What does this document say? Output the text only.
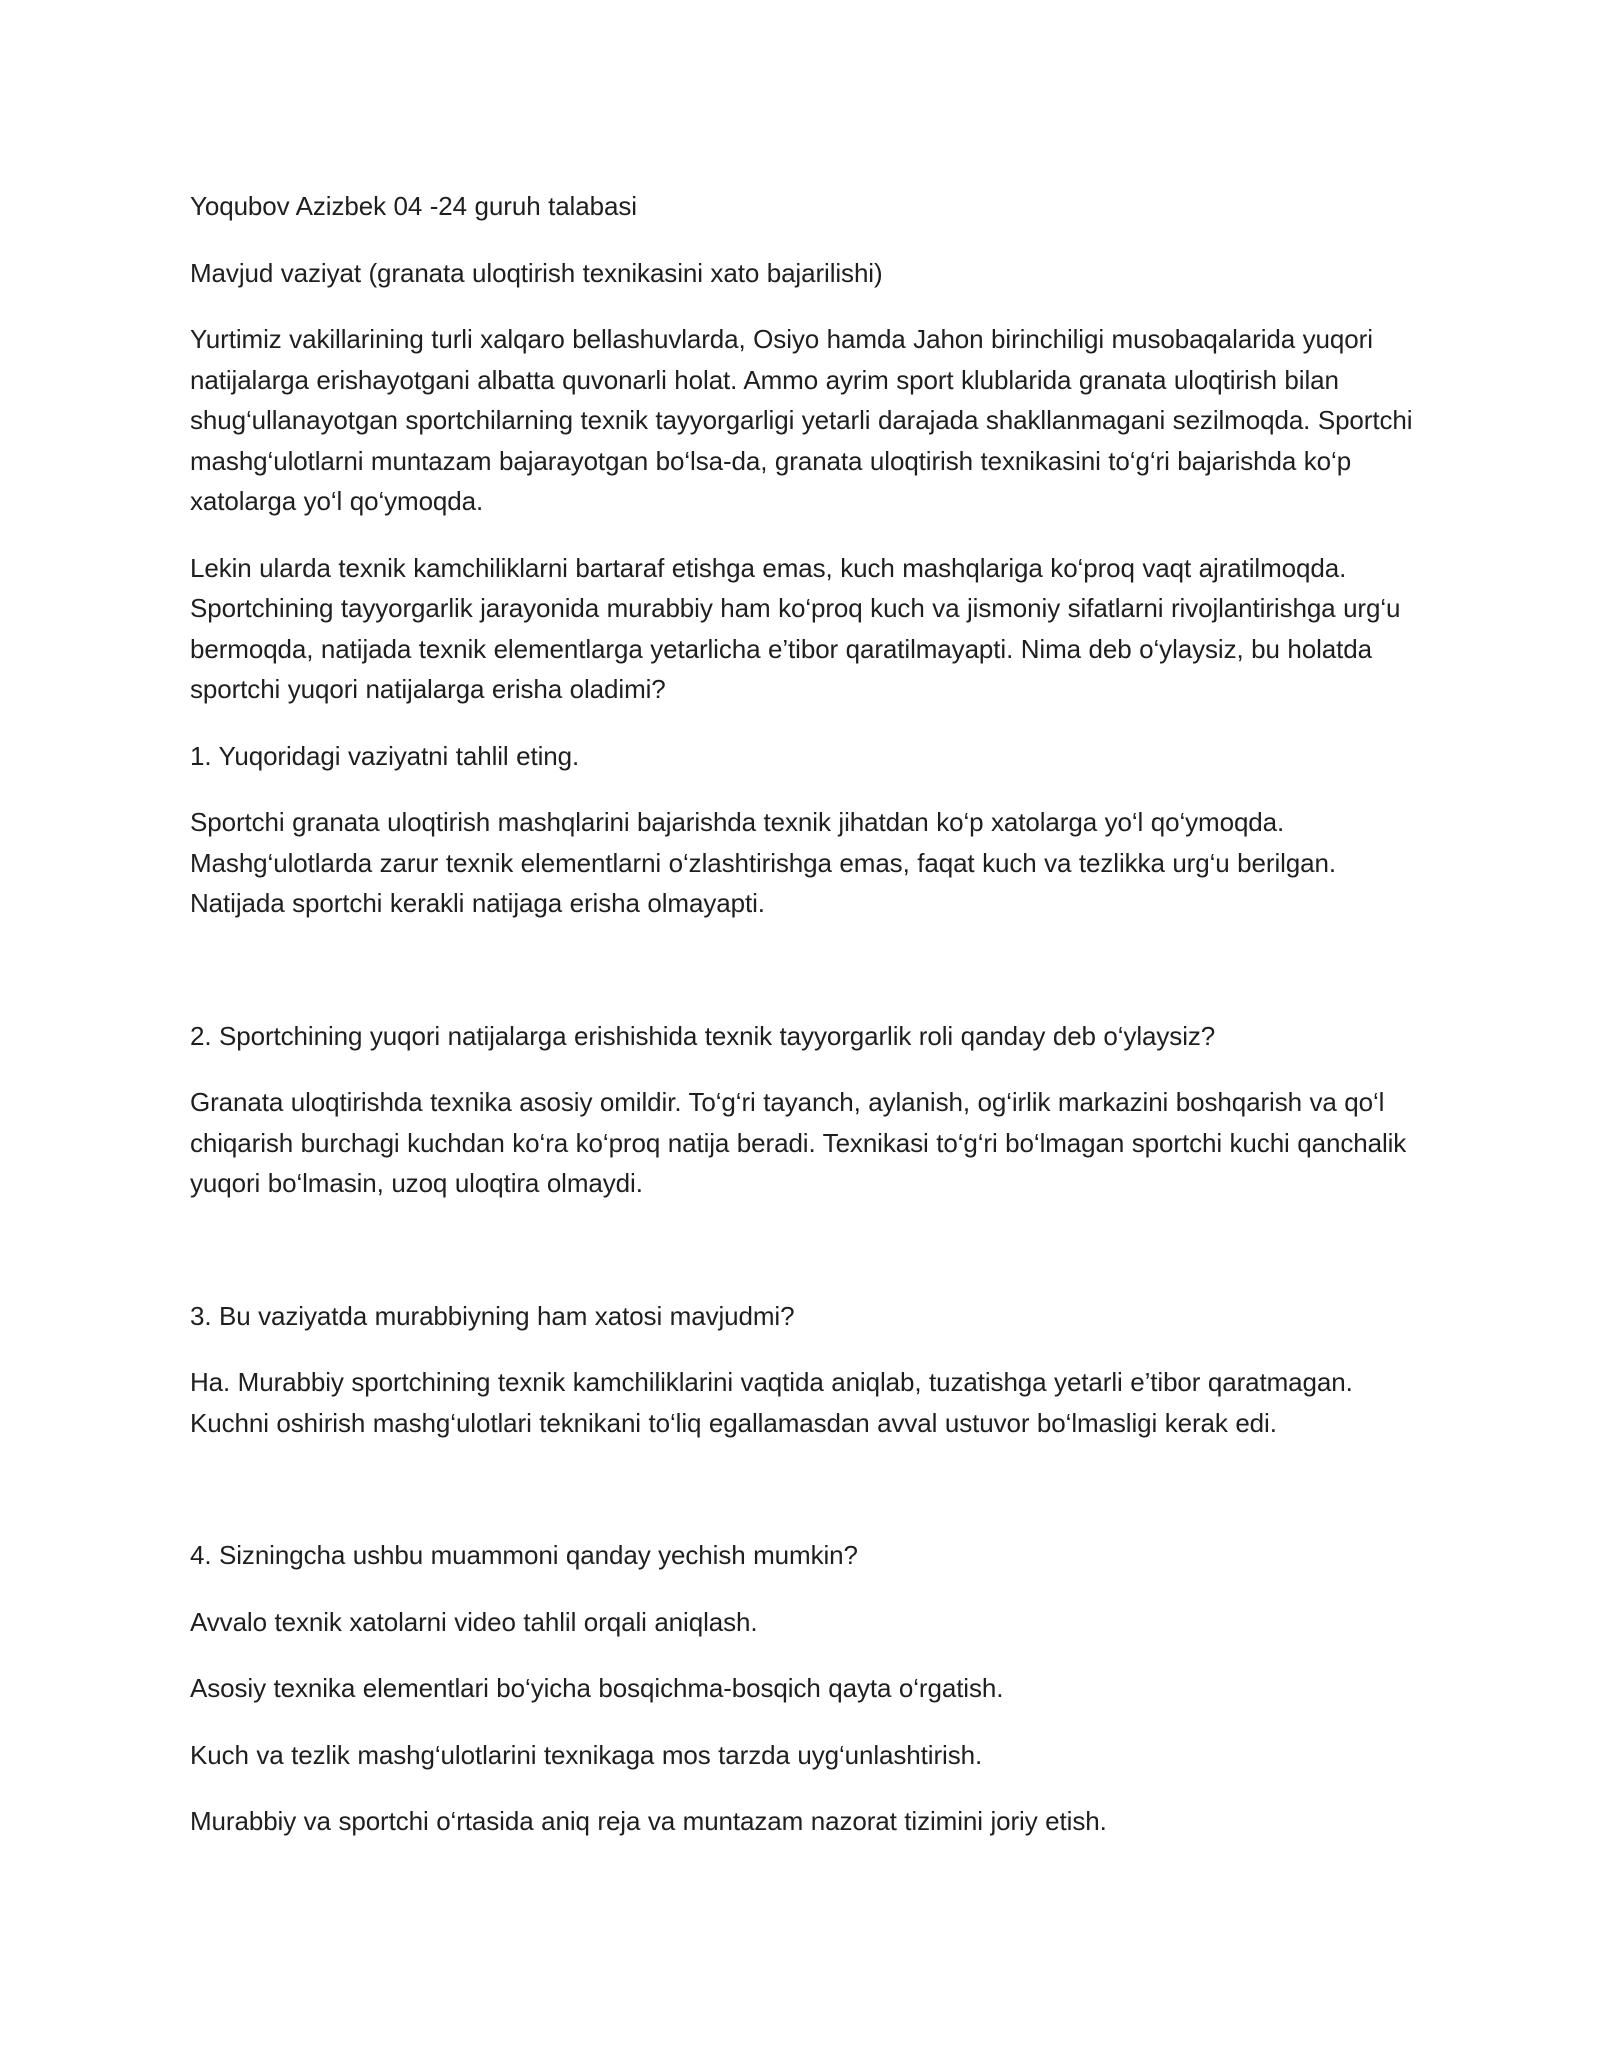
Yoqubov Azizbek 04 -24 guruh talabasi

Mavjud vaziyat (granata uloqtirish texnikasini xato bajarilishi)

Yurtimiz vakillarining turli xalqaro bellashuvlarda, Osiyo hamda Jahon birinchiligi musobaqalarida yuqori natijalarga erishayotgani albatta quvonarli holat. Ammo ayrim sport klublarida granata uloqtirish bilan shug‘ullanayotgan sportchilarning texnik tayyorgarligi yetarli darajada shakllanmagani sezilmoqda. Sportchi mashg‘ulotlarni muntazam bajarayotgan bo‘lsa-da, granata uloqtirish texnikasini to‘g‘ri bajarishda ko‘p xatolarga yo‘l qo‘ymoqda.

Lekin ularda texnik kamchiliklarni bartaraf etishga emas, kuch mashqlariga ko‘proq vaqt ajratilmoqda. Sportchining tayyorgarlik jarayonida murabbiy ham ko‘proq kuch va jismoniy sifatlarni rivojlantirishga urg‘u bermoqda, natijada texnik elementlarga yetarlicha e’tibor qaratilmayapti. Nima deb o‘ylaysiz, bu holatda sportchi yuqori natijalarga erisha oladimi?

1. Yuqoridagi vaziyatni tahlil eting.

Sportchi granata uloqtirish mashqlarini bajarishda texnik jihatdan ko‘p xatolarga yo‘l qo‘ymoqda. Mashg‘ulotlarda zarur texnik elementlarni o‘zlashtirishga emas, faqat kuch va tezlikka urg‘u berilgan. Natijada sportchi kerakli natijaga erisha olmayapti.

2. Sportchining yuqori natijalarga erishishida texnik tayyorgarlik roli qanday deb o‘ylaysiz?

Granata uloqtirishda texnika asosiy omildir. To‘g‘ri tayanch, aylanish, og‘irlik markazini boshqarish va qo‘l chiqarish burchagi kuchdan ko‘ra ko‘proq natija beradi. Texnikasi to‘g‘ri bo‘lmagan sportchi kuchi qanchalik yuqori bo‘lmasin, uzoq uloqtira olmaydi.

3. Bu vaziyatda murabbiyning ham xatosi mavjudmi?

Ha. Murabbiy sportchining texnik kamchiliklarini vaqtida aniqlab, tuzatishga yetarli e’tibor qaratmagan. Kuchni oshirish mashg‘ulotlari teknikani to‘liq egallamasdan avval ustuvor bo‘lmasligi kerak edi.

4. Sizningcha ushbu muammoni qanday yechish mumkin?

Avvalo texnik xatolarni video tahlil orqali aniqlash.

Asosiy texnika elementlari bo‘yicha bosqichma-bosqich qayta o‘rgatish.

Kuch va tezlik mashg‘ulotlarini texnikaga mos tarzda uyg‘unlashtirish.

Murabbiy va sportchi o‘rtasida aniq reja va muntazam nazorat tizimini joriy etish.
